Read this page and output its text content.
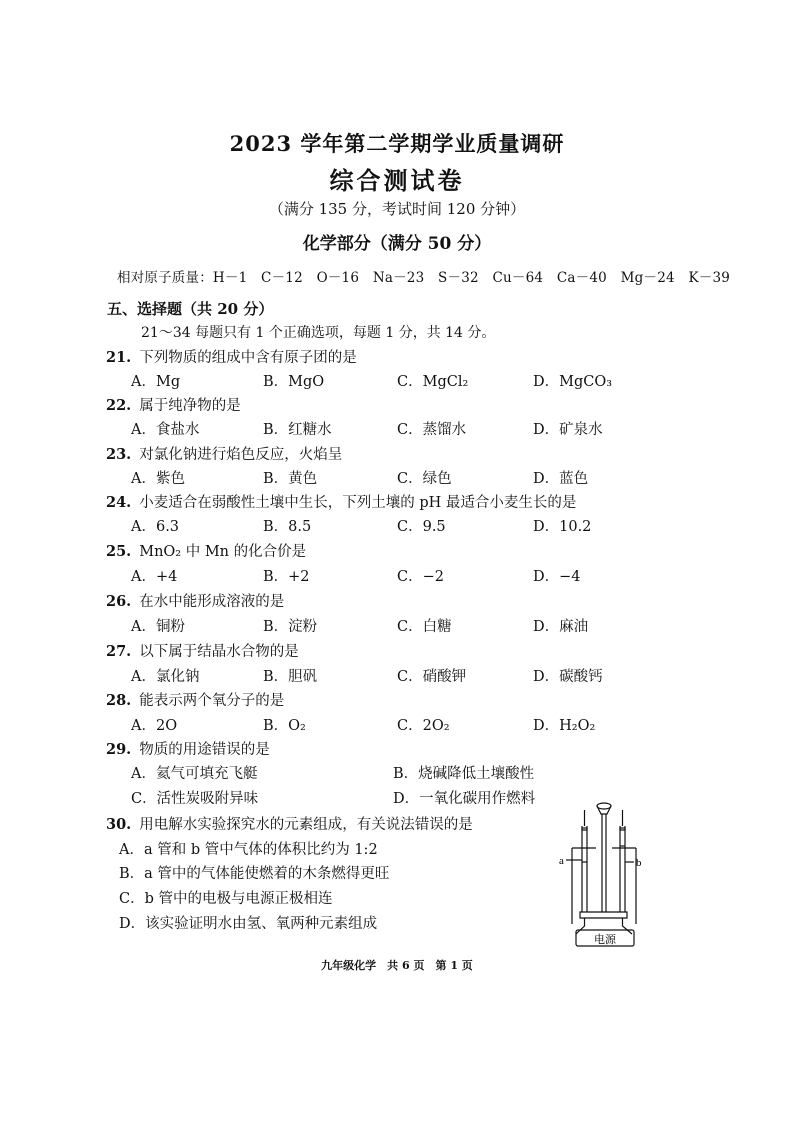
2023 学年第二学期学业质量调研
综合测试卷
（满分 135 分，考试时间 120 分钟）
化学部分（满分 50 分）
相对原子质量：H－1　C－12　O－16　Na－23　S－32　Cu－64　Ca－40　Mg－24　K－39
五、选择题（共 20 分）
21～34 每题只有 1 个正确选项，每题 1 分，共 14 分。
21. 下列物质的组成中含有原子团的是
A．Mg	B．MgO	C．MgCl₂	D．MgCO₃
22. 属于纯净物的是
A．食盐水	B．红糖水	C．蒸馏水	D．矿泉水
23. 对氯化钠进行焰色反应，火焰呈
A．紫色	B．黄色	C．绿色	D．蓝色
24. 小麦适合在弱酸性土壤中生长，下列土壤的 pH 最适合小麦生长的是
A．6.3	B．8.5	C．9.5	D．10.2
25. MnO₂ 中 Mn 的化合价是
A．+4	B．+2	C．−2	D．−4
26. 在水中能形成溶液的是
A．铜粉	B．淀粉	C．白糖	D．麻油
27. 以下属于结晶水合物的是
A．氯化钠	B．胆矾	C．硝酸钾	D．碳酸钙
28. 能表示两个氧分子的是
A．2O	B．O₂	C．2O₂	D．H₂O₂
29. 物质的用途错误的是
A．氦气可填充飞艇	B．烧碱降低土壤酸性
C．活性炭吸附异味	D．一氧化碳用作燃料
30. 用电解水实验探究水的元素组成，有关说法错误的是
A．a 管和 b 管中气体的体积比约为 1:2
B．a 管中的气体能使燃着的木条燃得更旺
C．b 管中的电极与电源正极相连
D．该实验证明水由氢、氧两种元素组成
a	b
电源
九年级化学　共 6 页　第 1 页
